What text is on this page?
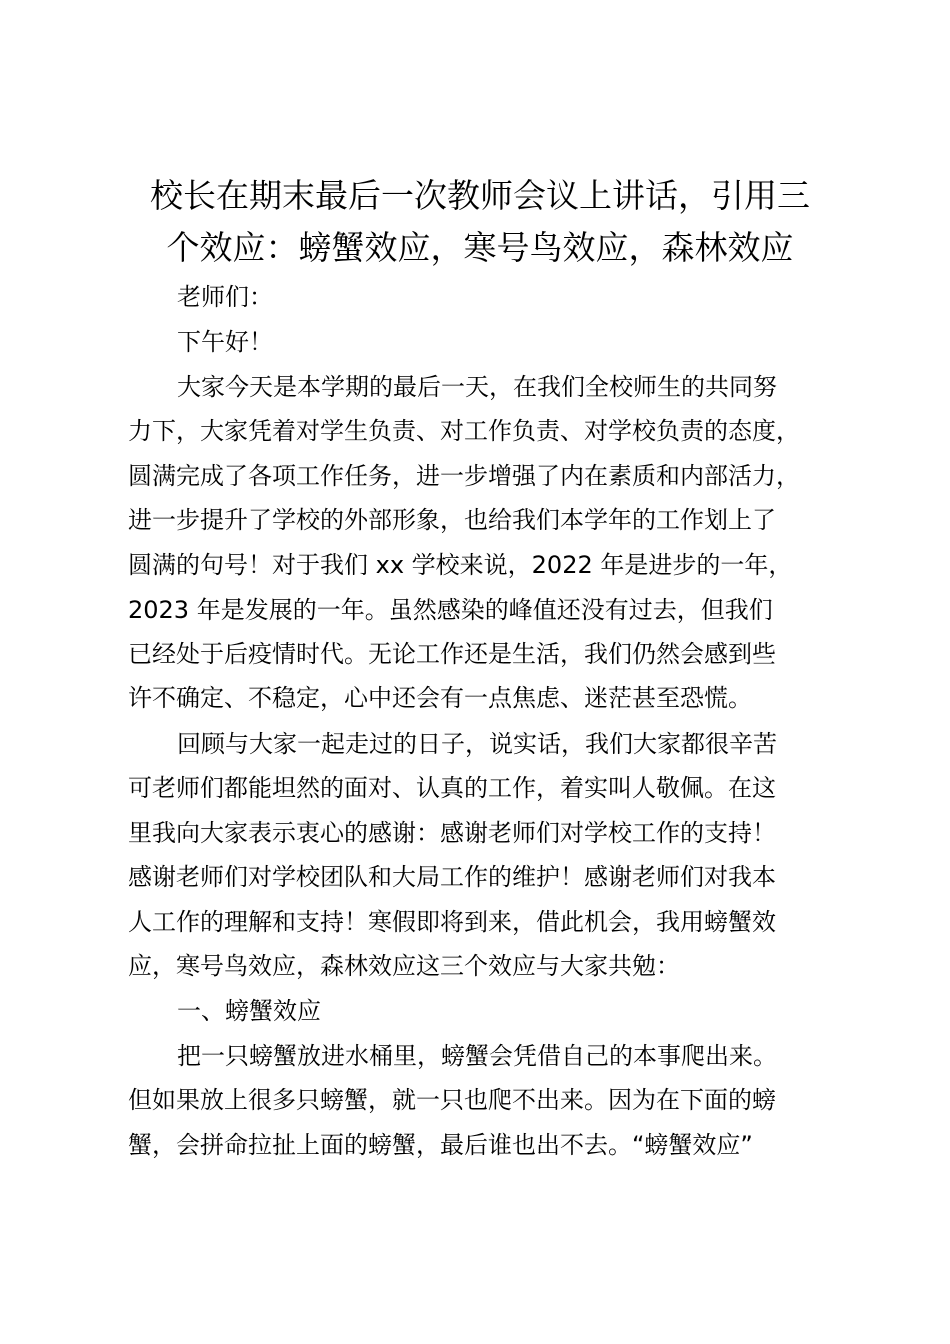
校长在期末最后一次教师会议上讲话，引用三
个效应：螃蟹效应，寒号鸟效应，森林效应

老师们：

下午好！

大家今天是本学期的最后一天，在我们全校师生的共同努

力下，大家凭着对学生负责、对工作负责、对学校负责的态度，

圆满完成了各项工作任务，进一步增强了内在素质和内部活力，

进一步提升了学校的外部形象，也给我们本学年的工作划上了

圆满的句号！对于我们 xx 学校来说，2022 年是进步的一年，

2023 年是发展的一年。虽然感染的峰值还没有过去，但我们

已经处于后疫情时代。无论工作还是生活，我们仍然会感到些

许不确定、不稳定，心中还会有一点焦虑、迷茫甚至恐慌。

回顾与大家一起走过的日子，说实话，我们大家都很辛苦

可老师们都能坦然的面对、认真的工作，着实叫人敬佩。在这

里我向大家表示衷心的感谢：感谢老师们对学校工作的支持！

感谢老师们对学校团队和大局工作的维护！感谢老师们对我本

人工作的理解和支持！寒假即将到来，借此机会，我用螃蟹效

应，寒号鸟效应，森林效应这三个效应与大家共勉：

一、螃蟹效应

把一只螃蟹放进水桶里，螃蟹会凭借自己的本事爬出来。

但如果放上很多只螃蟹，就一只也爬不出来。因为在下面的螃

蟹，会拼命拉扯上面的螃蟹，最后谁也出不去。“螃蟹效应”
